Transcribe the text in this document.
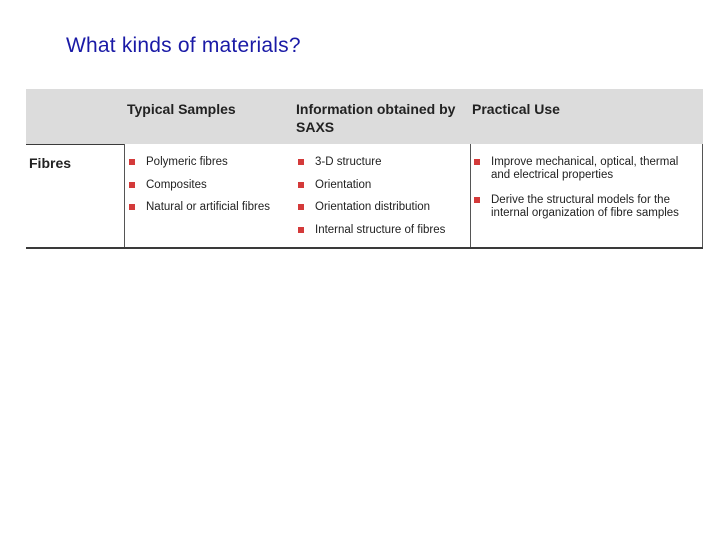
What kinds of materials?
Typical Samples	Information obtained by SAXS
Practical Use
Fibres	Polymeric fibres
Composites
Natural or artificial fibres
3-D structure
Orientation
Orientation distribution
Internal structure of fibres
Improve mechanical, optical, thermal and electrical properties
Derive the structural models for the internal organization of fibre samples
